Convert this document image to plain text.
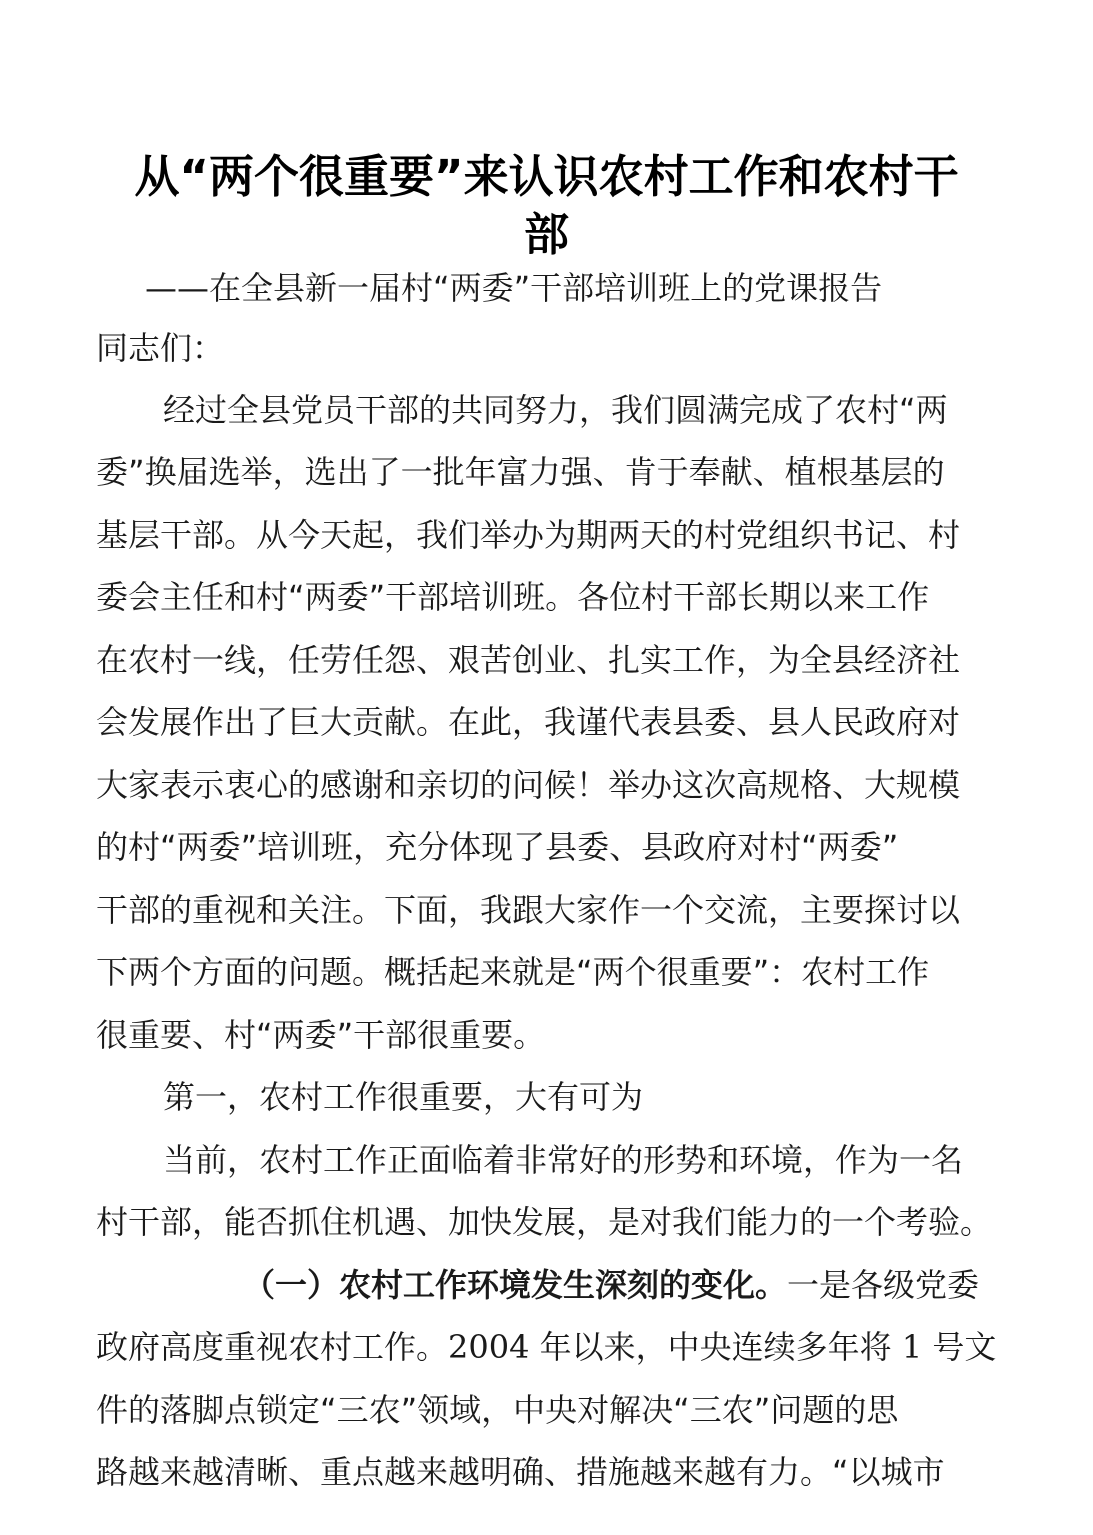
从“两个很重要”来认识农村工作和农村干
部

——在全县新一届村“两委”干部培训班上的党课报告

同志们：

经过全县党员干部的共同努力，我们圆满完成了农村“两

委”换届选举，选出了一批年富力强、肯于奉献、植根基层的

基层干部。从今天起，我们举办为期两天的村党组织书记、村

委会主任和村“两委”干部培训班。各位村干部长期以来工作

在农村一线，任劳任怨、艰苦创业、扎实工作，为全县经济社

会发展作出了巨大贡献。在此，我谨代表县委、县人民政府对

大家表示衷心的感谢和亲切的问候！举办这次高规格、大规模

的村“两委”培训班，充分体现了县委、县政府对村“两委”

干部的重视和关注。下面，我跟大家作一个交流，主要探讨以

下两个方面的问题。概括起来就是“两个很重要”：农村工作

很重要、村“两委”干部很重要。

第一，农村工作很重要，大有可为

当前，农村工作正面临着非常好的形势和环境，作为一名

村干部，能否抓住机遇、加快发展，是对我们能力的一个考验。

（一）农村工作环境发生深刻的变化。一是各级党委

政府高度重视农村工作。2004 年以来，中央连续多年将 1 号文

件的落脚点锁定“三农”领域，中央对解决“三农”问题的思

路越来越清晰、重点越来越明确、措施越来越有力。“以城市
